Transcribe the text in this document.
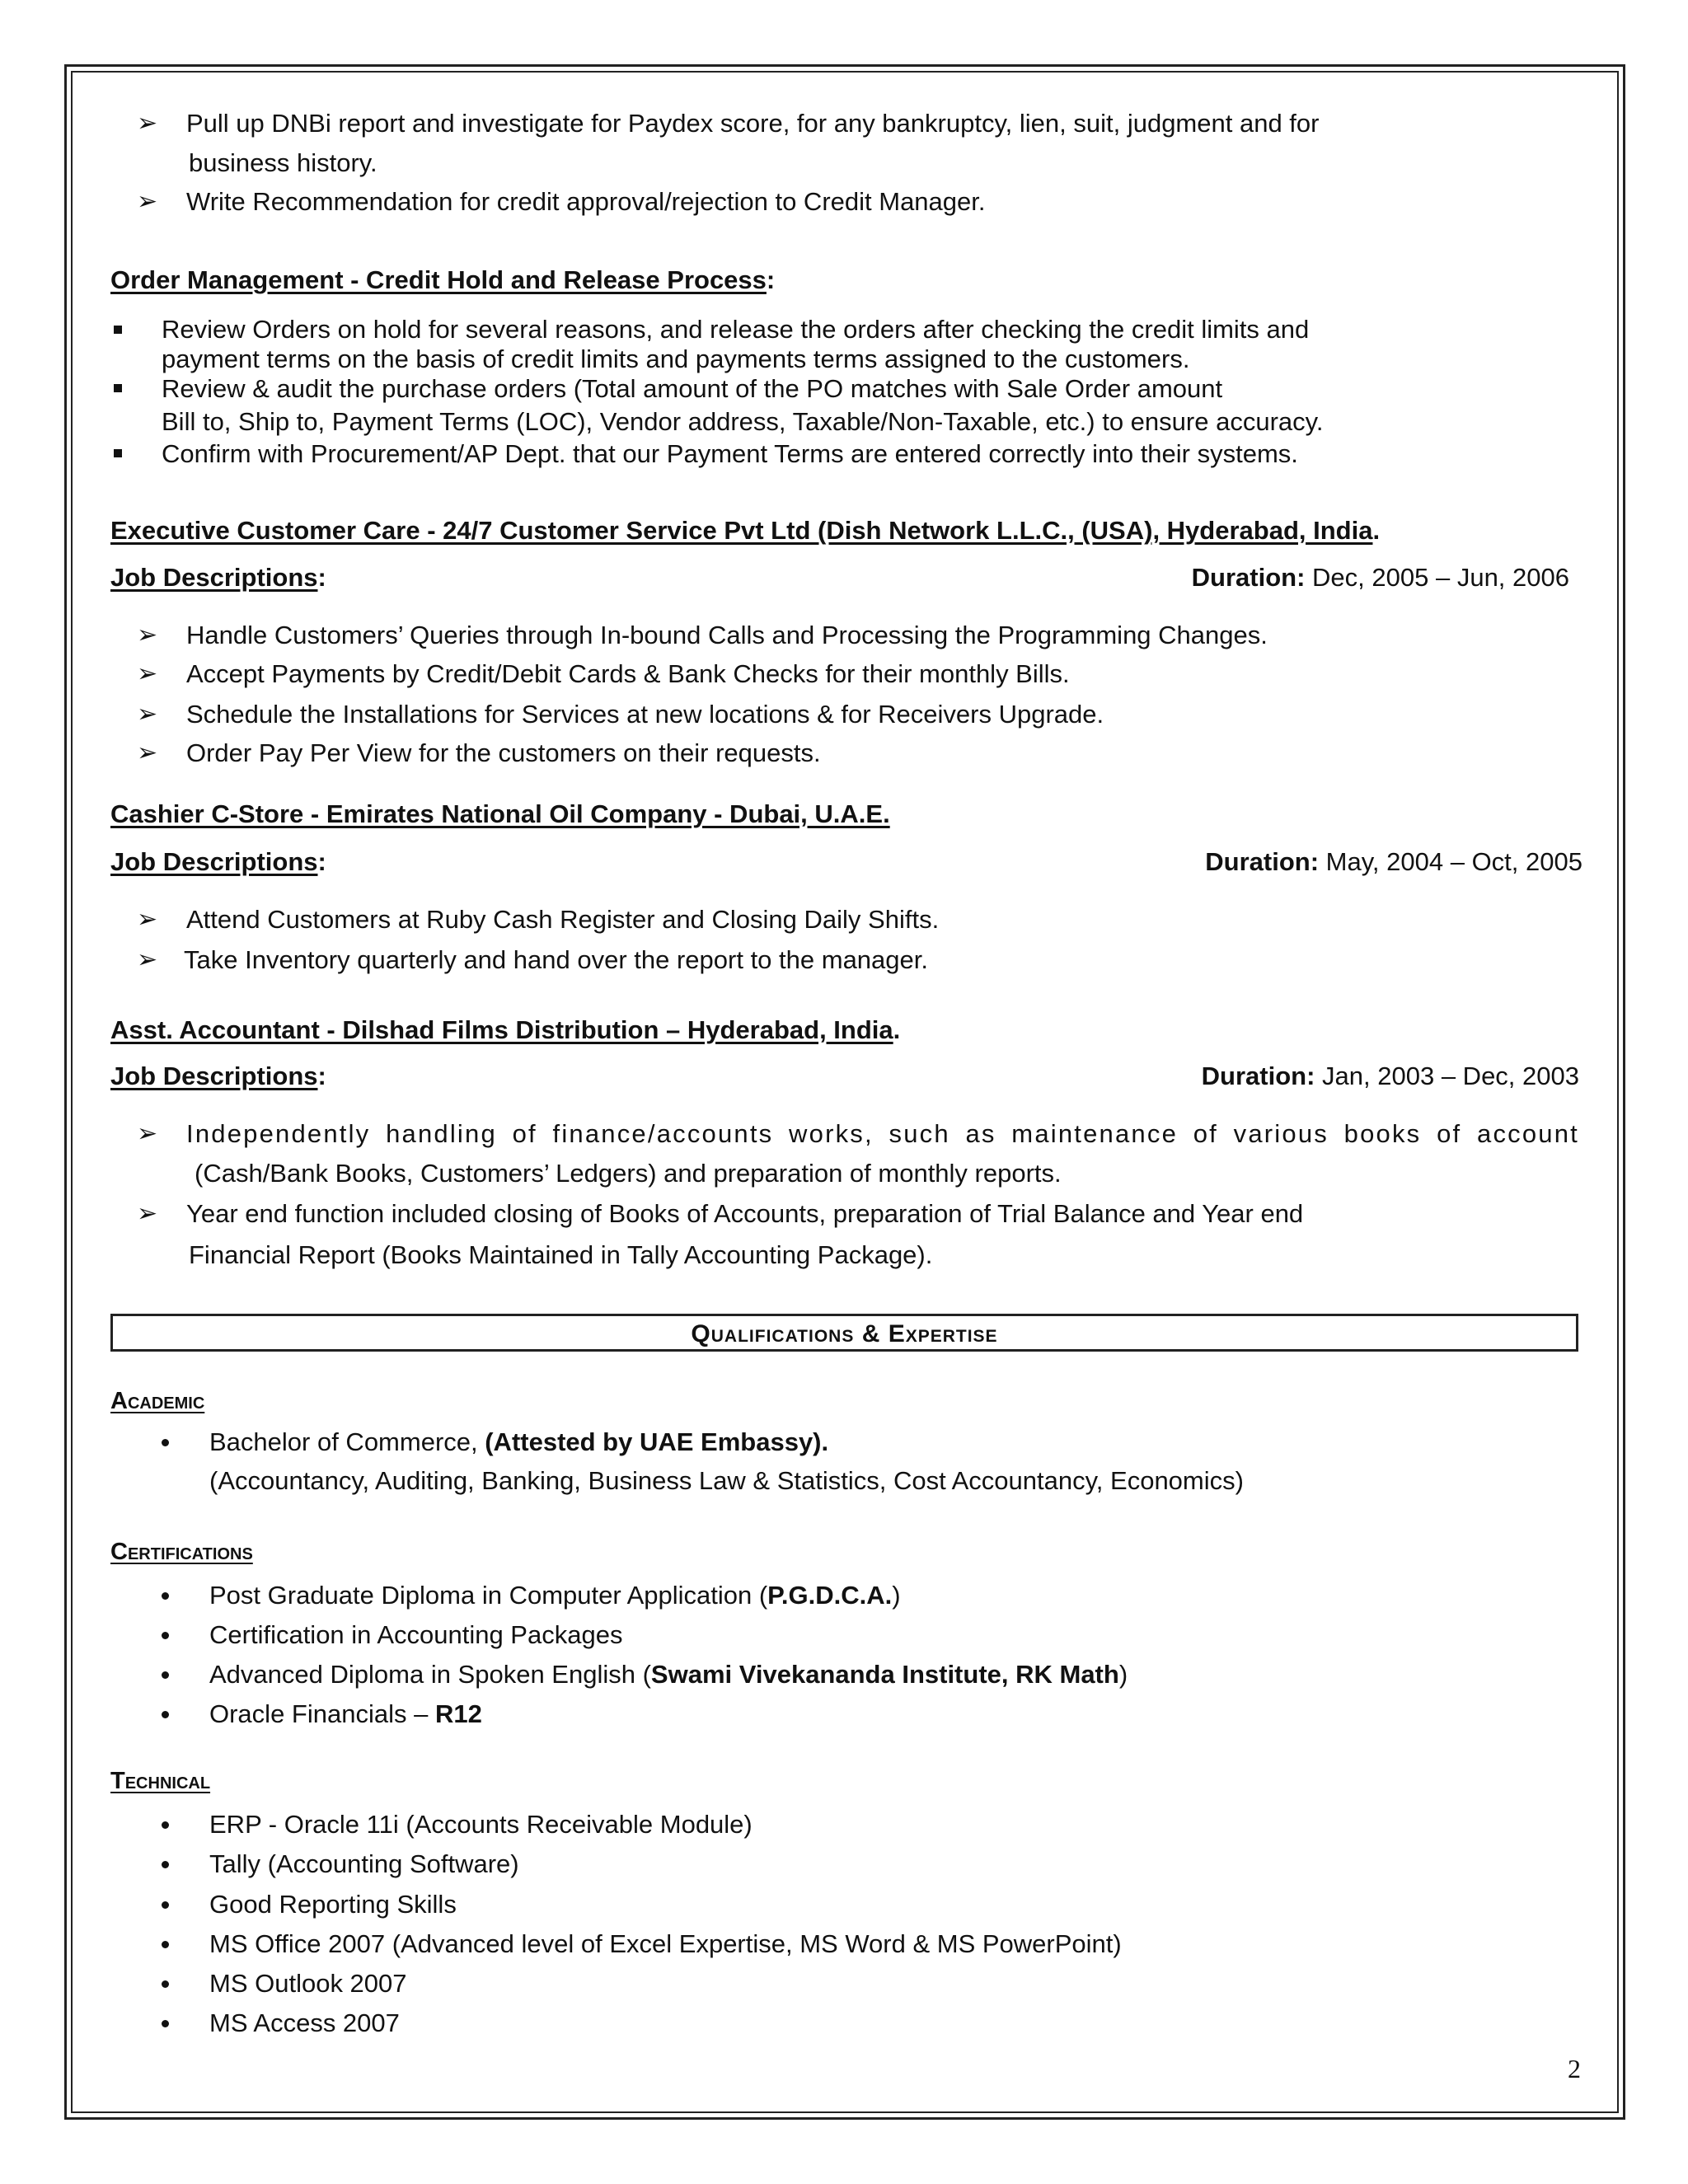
➢ Pull up DNBi report and investigate for Paydex score, for any bankruptcy, lien, suit, judgment and for
business history.
➢ Write Recommendation for credit approval/rejection to Credit Manager.
Order Management - Credit Hold and Release Process:
Review Orders on hold for several reasons, and release the orders after checking the credit limits and
payment terms on the basis of credit limits and payments terms assigned to the customers.
Review & audit the purchase orders (Total amount of the PO matches with Sale Order amount
Bill to, Ship to, Payment Terms (LOC), Vendor address, Taxable/Non-Taxable, etc.) to ensure accuracy.
Confirm with Procurement/AP Dept. that our Payment Terms are entered correctly into their systems.
Executive Customer Care - 24/7 Customer Service Pvt Ltd (Dish Network L.L.C., (USA), Hyderabad, India.
Job Descriptions:	Duration: Dec, 2005 – Jun, 2006
➢ Handle Customers’ Queries through In-bound Calls and Processing the Programming Changes.
➢ Accept Payments by Credit/Debit Cards & Bank Checks for their monthly Bills.
➢ Schedule the Installations for Services at new locations & for Receivers Upgrade.
➢ Order Pay Per View for the customers on their requests.
Cashier C-Store - Emirates National Oil Company - Dubai, U.A.E.
Job Descriptions:	Duration: May, 2004 – Oct, 2005
➢ Attend Customers at Ruby Cash Register and Closing Daily Shifts.
➢ Take Inventory quarterly and hand over the report to the manager.
Asst. Accountant - Dilshad Films Distribution – Hyderabad, India.
Job Descriptions:	Duration: Jan, 2003 – Dec, 2003
➢ Independently handling of finance/accounts works, such as maintenance of various books of account
(Cash/Bank Books, Customers’ Ledgers) and preparation of monthly reports.
➢ Year end function included closing of Books of Accounts, preparation of Trial Balance and Year end
Financial Report (Books Maintained in Tally Accounting Package).
Qualifications & Expertise
Academic
Bachelor of Commerce, (Attested by UAE Embassy).
(Accountancy, Auditing, Banking, Business Law & Statistics, Cost Accountancy, Economics)
Certifications
Post Graduate Diploma in Computer Application (P.G.D.C.A.)
Certification in Accounting Packages
Advanced Diploma in Spoken English (Swami Vivekananda Institute, RK Math)
Oracle Financials – R12
Technical
ERP - Oracle 11i (Accounts Receivable Module)
Tally (Accounting Software)
Good Reporting Skills
MS Office 2007 (Advanced level of Excel Expertise, MS Word & MS PowerPoint)
MS Outlook 2007
MS Access 2007
2
